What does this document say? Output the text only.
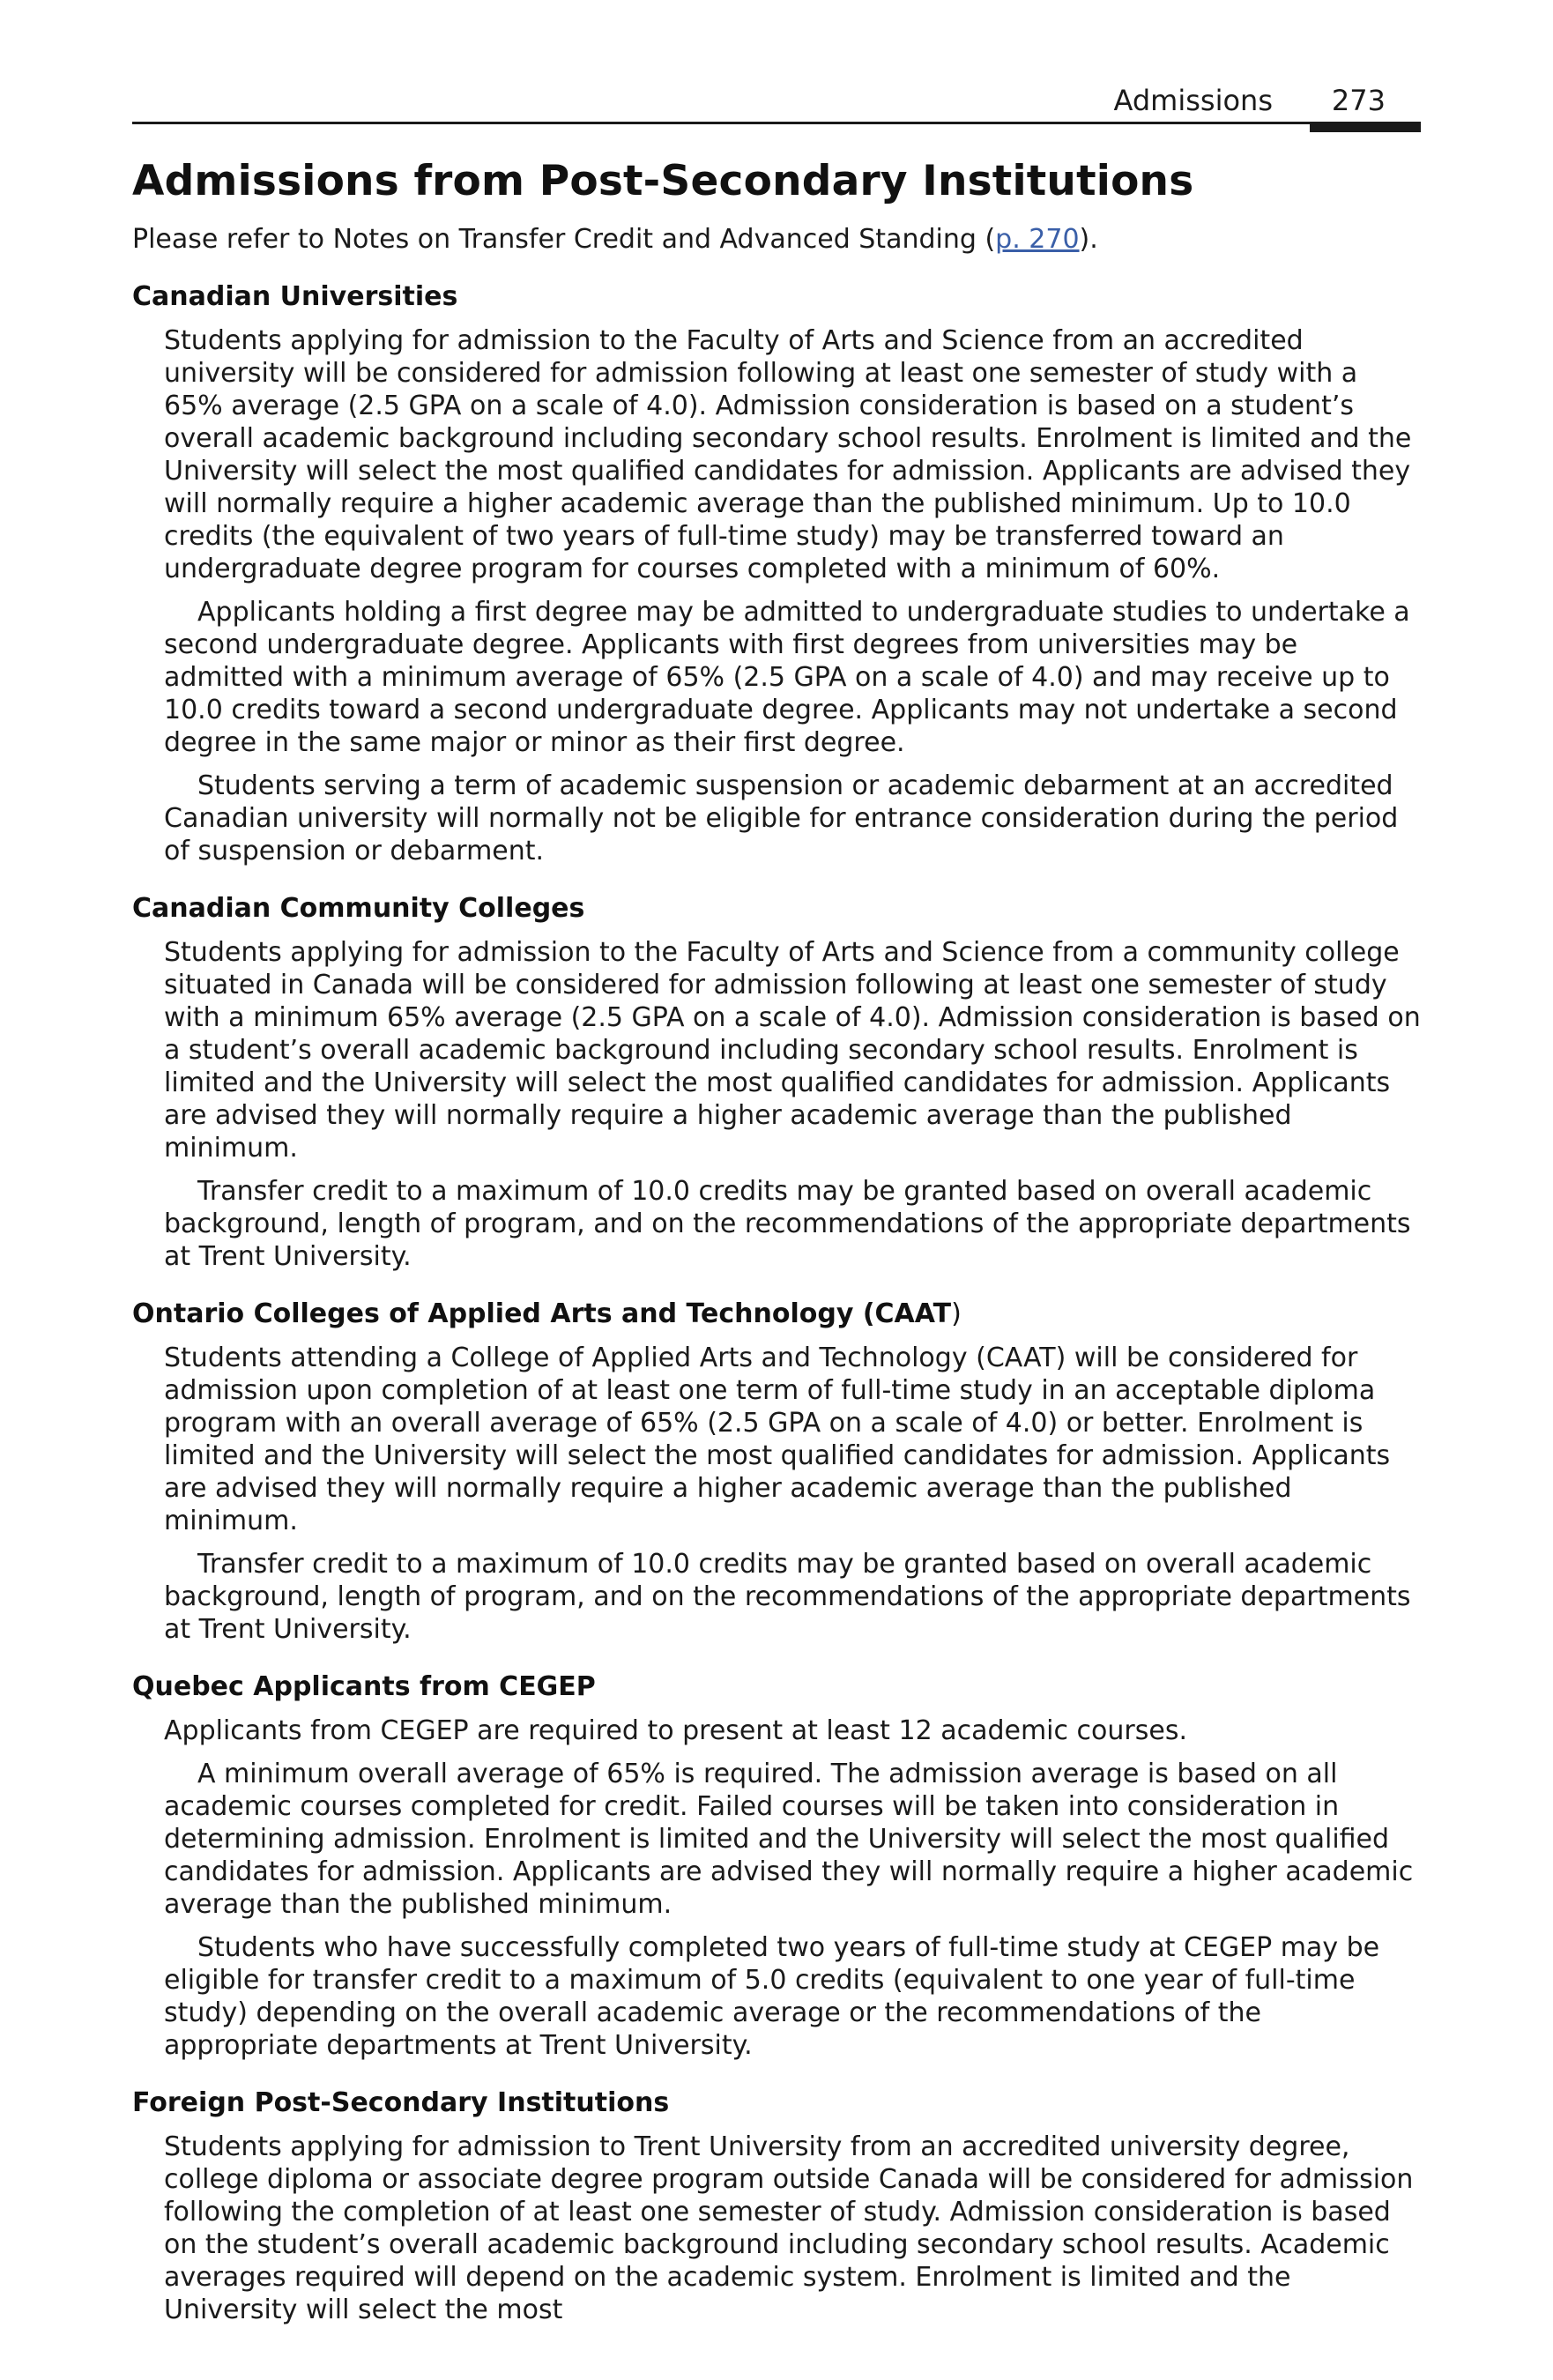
Admissions 273
Admissions from Post-Secondary Institutions

Please refer to Notes on Transfer Credit and Advanced Standing (p. 270).

Canadian Universities

Students applying for admission to the Faculty of Arts and Science from an accredited university will be considered for admission following at least one semester of study with a 65% average (2.5 GPA on a scale of 4.0). Admission consideration is based on a student’s overall academic background including secondary school results. Enrolment is limited and the University will select the most qualified candidates for admission. Applicants are advised they will normally require a higher academic average than the published minimum. Up to 10.0 credits (the equivalent of two years of full-time study) may be transferred toward an undergraduate degree program for courses completed with a minimum of 60%.

Applicants holding a first degree may be admitted to undergraduate studies to undertake a second undergraduate degree. Applicants with first degrees from universities may be admitted with a minimum average of 65% (2.5 GPA on a scale of 4.0) and may receive up to 10.0 credits toward a second undergraduate degree. Applicants may not undertake a second degree in the same major or minor as their first degree.

Students serving a term of academic suspension or academic debarment at an accredited Canadian university will normally not be eligible for entrance consideration during the period of suspension or debarment.

Canadian Community Colleges

Students applying for admission to the Faculty of Arts and Science from a community college situated in Canada will be considered for admission following at least one semester of study with a minimum 65% average (2.5 GPA on a scale of 4.0). Admission consideration is based on a student’s overall academic background including secondary school results. Enrolment is limited and the University will select the most qualified candidates for admission. Applicants are advised they will normally require a higher academic average than the published minimum.

Transfer credit to a maximum of 10.0 credits may be granted based on overall academic background, length of program, and on the recommendations of the appropriate departments at Trent University.

Ontario Colleges of Applied Arts and Technology (CAAT)

Students attending a College of Applied Arts and Technology (CAAT) will be considered for admission upon completion of at least one term of full-time study in an acceptable diploma program with an overall average of 65% (2.5 GPA on a scale of 4.0) or better. Enrolment is limited and the University will select the most qualified candidates for admission. Applicants are advised they will normally require a higher academic average than the published minimum.

Transfer credit to a maximum of 10.0 credits may be granted based on overall academic background, length of program, and on the recommendations of the appropriate departments at Trent University.

Quebec Applicants from CEGEP

Applicants from CEGEP are required to present at least 12 academic courses.

A minimum overall average of 65% is required. The admission average is based on all academic courses completed for credit. Failed courses will be taken into consideration in determining admission. Enrolment is limited and the University will select the most qualified candidates for admission. Applicants are advised they will normally require a higher academic average than the published minimum.

Students who have successfully completed two years of full-time study at CEGEP may be eligible for transfer credit to a maximum of 5.0 credits (equivalent to one year of full-time study) depending on the overall academic average or the recommendations of the appropriate departments at Trent University.

Foreign Post-Secondary Institutions

Students applying for admission to Trent University from an accredited university degree, college diploma or associate degree program outside Canada will be considered for admission following the completion of at least one semester of study. Admission consideration is based on the student’s overall academic background including secondary school results. Academic averages required will depend on the academic system. Enrolment is limited and the University will select the most
